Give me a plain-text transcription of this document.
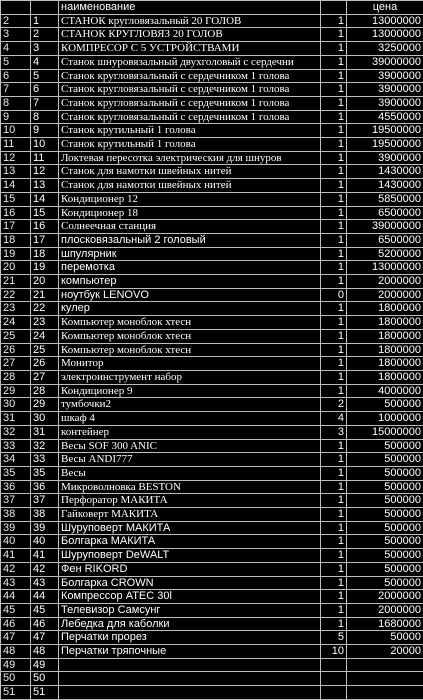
		наименование		цена
2	1	СТАНОК кругловязальный 20 ГОЛОВ	1	13000000
3	2	СТАНОК КРУГЛОВЯЗ 20 ГОЛОВ	1	13000000
4	3	КОМПРЕСОР С 5 УСТРОЙСТВАМИ	1	3250000
5	4	Станок шнуровязальный двухголовый с сердечни	1	39000000
6	5	Станок кругловязальный с сердечником 1 голова	1	3900000
7	6	Станок кругловязальный с сердечником 1 голова	1	3900000
8	7	Станок кругловязальный с сердечником 1 голова	1	3900000
9	8	Станок кругловязальный с сердечником 1 голова	1	4550000
10	9	Станок крутильный 1 голова	1	19500000
11	10	Станок крутильный 1 голова	1	19500000
12	11	Локтевая пересотка электрическия для шнуров	1	3900000
13	12	Станок для намотки швейных нитей	1	1430000
14	13	Станок для намотки швейных нитей	1	1430000
15	14	Кондиционер 12	1	5850000
16	15	Кондиционер 18	1	6500000
17	16	Солнеечная станция	1	39000000
18	17	плосковязальный 2 головый	1	6500000
19	18	шпулярник	1	5200000
20	19	перемотка	1	13000000
21	20	компьютер	1	2000000
22	21	ноутбук LENOVO	0	2000000
23	22	кулер	1	1800000
24	23	Компьютер моноблок хтесн	1	1800000
25	24	Компьютер моноблок хтесн	1	1800000
26	25	Компьютер моноблок хтесн	1	1800000
27	26	Монитор	1	1800000
28	27	электроинструмент набор	1	1800000
29	28	Кондиционер 9	1	4000000
30	29	тумбочки2	2	500000
31	30	шкаф 4	4	1000000
32	31	контейнер	3	15000000
33	32	Весы SOF 300 ANIC	1	500000
34	33	Весы ANDI777	1	500000
35	35	Весы	1	500000
36	36	Микроволновка BESTON	1	500000
37	37	Перфоратор МАКИТА	1	500000
38	38	Гайковерт МАКИТА	1	500000
39	39	Шуруповерт МАКИТА	1	500000
40	40	Болгарка МАКИТА	1	500000
41	41	Шуруповерт DeWALT	1	500000
42	42	Фен RIKORD	1	500000
43	43	Болгарка CROWN	1	500000
44	44	Компрессор ATEC 30l	1	2000000
45	45	Телевизор Самсунг	1	2000000
46	46	Лебедка для каболки	1	1680000
47	47	Перчатки прорез	5	50000
48	48	Перчатки тряпочные	10	20000
49	49			
50	50			
51	51			
